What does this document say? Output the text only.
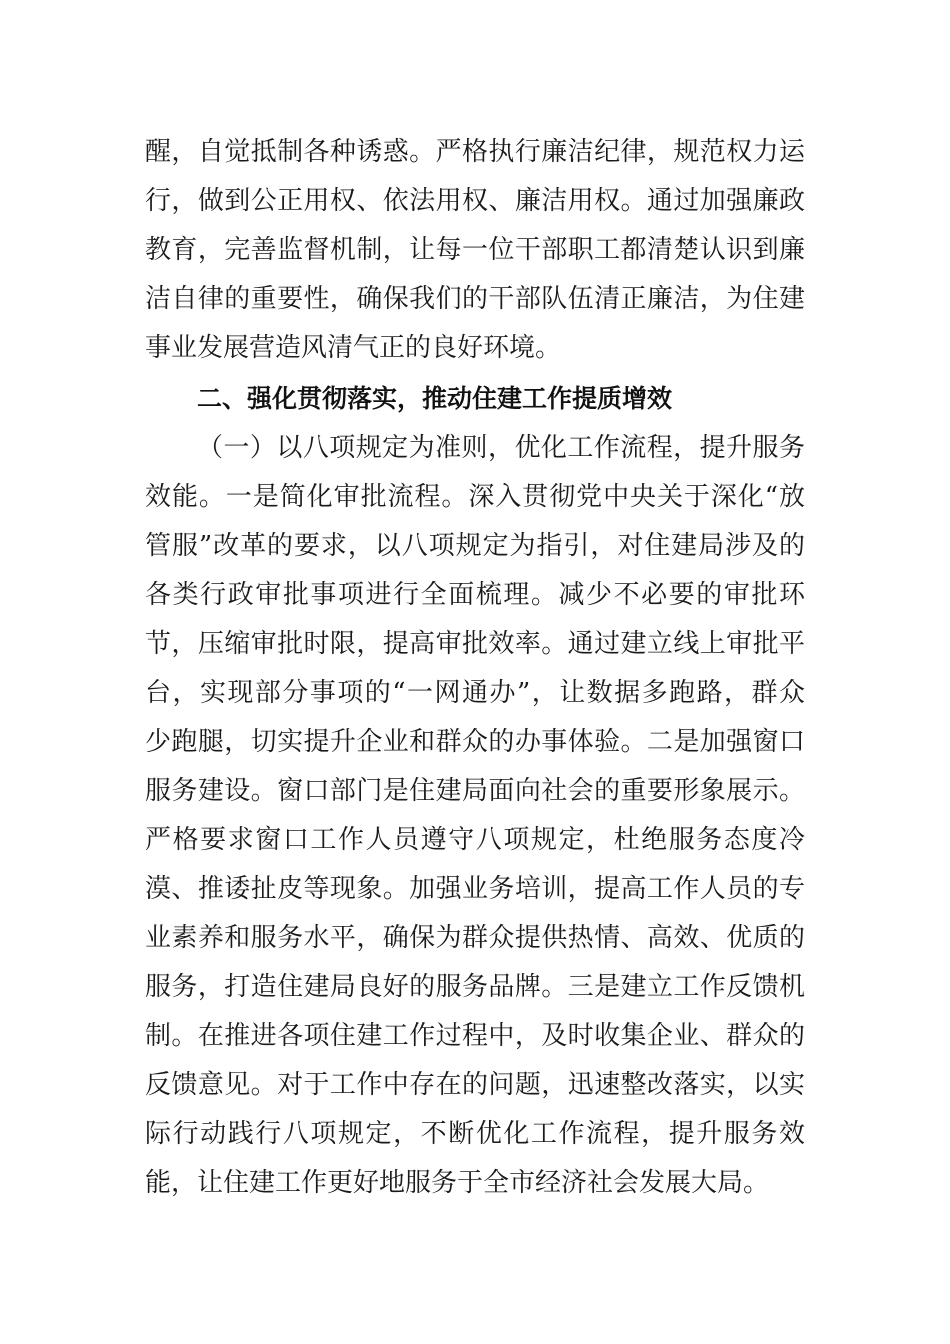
醒，自觉抵制各种诱惑。严格执行廉洁纪律，规范权力运
行，做到公正用权、依法用权、廉洁用权。通过加强廉政
教育，完善监督机制，让每一位干部职工都清楚认识到廉
洁自律的重要性，确保我们的干部队伍清正廉洁，为住建
事业发展营造风清气正的良好环境。
二、强化贯彻落实，推动住建工作提质增效
（一）以八项规定为准则，优化工作流程，提升服务
效能。一是简化审批流程。深入贯彻党中央关于深化“放
管服”改革的要求，以八项规定为指引，对住建局涉及的
各类行政审批事项进行全面梳理。减少不必要的审批环
节，压缩审批时限，提高审批效率。通过建立线上审批平
台，实现部分事项的“一网通办”，让数据多跑路，群众
少跑腿，切实提升企业和群众的办事体验。二是加强窗口
服务建设。窗口部门是住建局面向社会的重要形象展示。
严格要求窗口工作人员遵守八项规定，杜绝服务态度冷
漠、推诿扯皮等现象。加强业务培训，提高工作人员的专
业素养和服务水平，确保为群众提供热情、高效、优质的
服务，打造住建局良好的服务品牌。三是建立工作反馈机
制。在推进各项住建工作过程中，及时收集企业、群众的
反馈意见。对于工作中存在的问题，迅速整改落实，以实
际行动践行八项规定，不断优化工作流程，提升服务效
能，让住建工作更好地服务于全市经济社会发展大局。
